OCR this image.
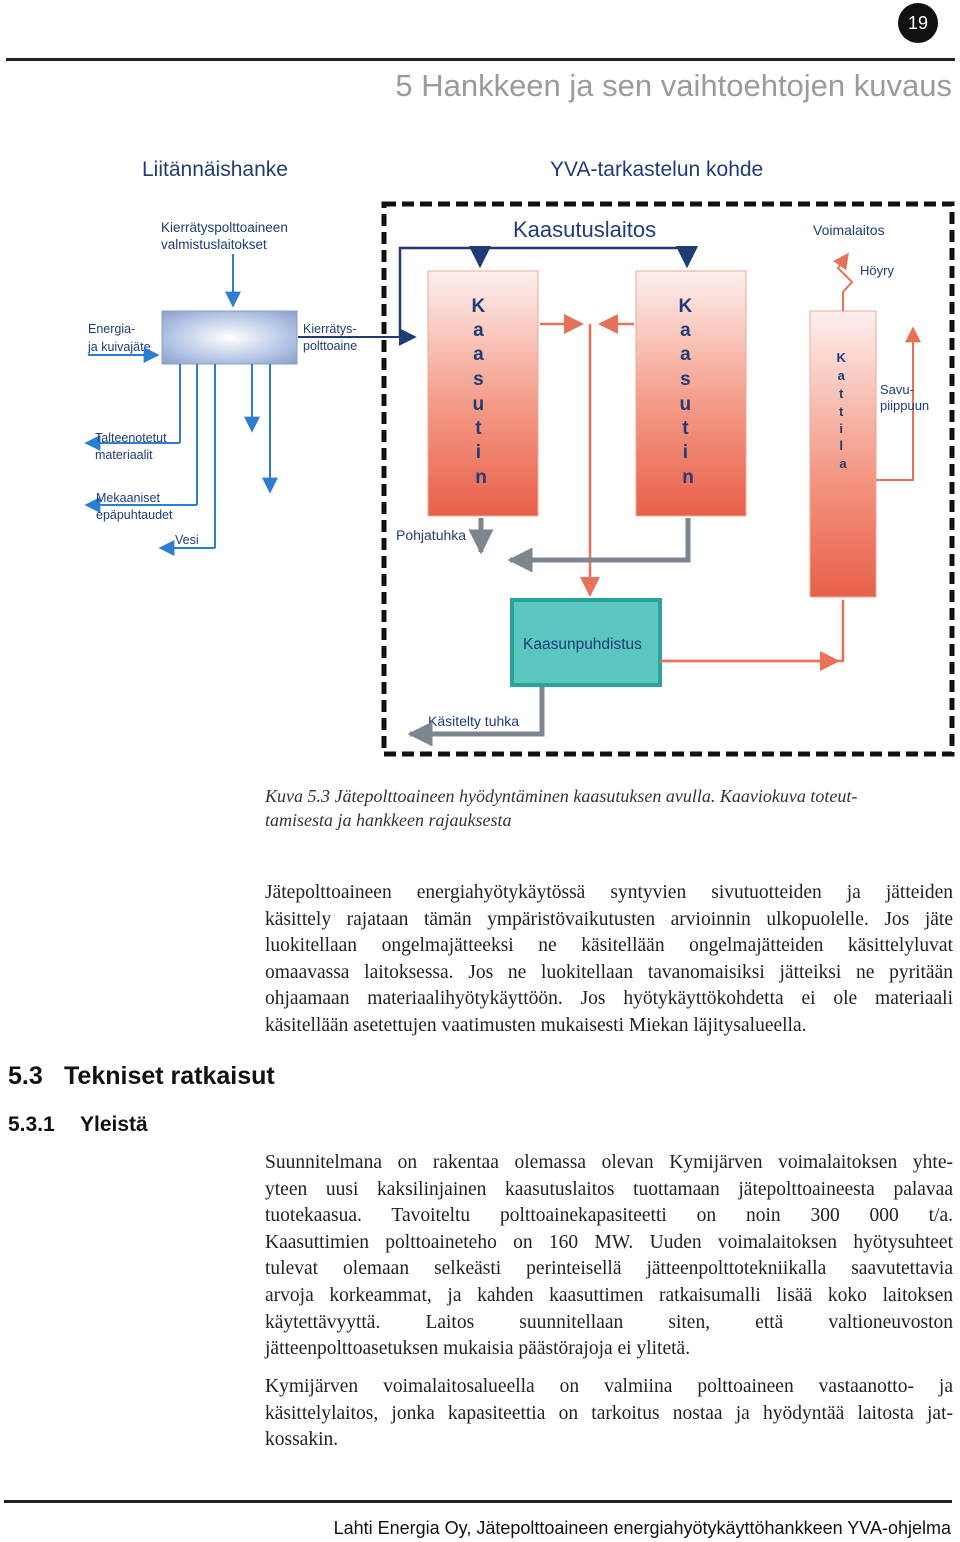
19
5 Hankkeen ja sen vaihtoehtojen kuvaus
Liitännäishanke	YVA-tarkastelun kohde
Kierrätyspolttoaineen valmistuslaitokset
Energia- ja kuivajäte
Kierrätys- polttoaine
Talteenotetut materiaalit
Mekaaniset epäpuhtaudet
Vesi
Kaasutuslaitos	Voimalaitos
K a a s u t i n
K a a s u t i n
K a t t i l a
Höyry
Savu- piippuun
Pohjatuhka
Kaasunpuhdistus
Käsitelty tuhka
Kuva 5.3 Jätepolttoaineen hyödyntäminen kaasutuksen avulla. Kaaviokuva toteut-
tamisesta ja hankkeen rajauksesta
Jätepolttoaineen energiahyötykäytössä syntyvien sivutuotteiden ja jätteiden
käsittely rajataan tämän ympäristövaikutusten arvioinnin ulkopuolelle. Jos jäte
luokitellaan ongelmajätteeksi ne käsitellään ongelmajätteiden käsittelyluvat
omaavassa laitoksessa. Jos ne luokitellaan tavanomaisiksi jätteiksi ne pyritään
ohjaamaan materiaalihyötykäyttöön. Jos hyötykäyttökohdetta ei ole materiaali
käsitellään asetettujen vaatimusten mukaisesti Miekan läjitysalueella.
5.3 Tekniset ratkaisut
5.3.1 Yleistä
Suunnitelmana on rakentaa olemassa olevan Kymijärven voimalaitoksen yhte-
yteen uusi kaksilinjainen kaasutuslaitos tuottamaan jätepolttoaineesta palavaa
tuotekaasua. Tavoiteltu polttoainekapasiteetti on noin 300 000 t/a.
Kaasuttimien polttoaineteho on 160 MW. Uuden voimalaitoksen hyötysuhteet
tulevat olemaan selkeästi perinteisellä jätteenpolttotekniikalla saavutettavia
arvoja korkeammat, ja kahden kaasuttimen ratkaisumalli lisää koko laitoksen
käytettävyyttä. Laitos suunnitellaan siten, että valtioneuvoston
jätteenpolttoasetuksen mukaisia päästörajoja ei ylitetä.
Kymijärven voimalaitosalueella on valmiina polttoaineen vastaanotto- ja
käsittelylaitos, jonka kapasiteettia on tarkoitus nostaa ja hyödyntää laitosta jat-
kossakin.
Lahti Energia Oy, Jätepolttoaineen energiahyötykäyttöhankkeen YVA-ohjelma
